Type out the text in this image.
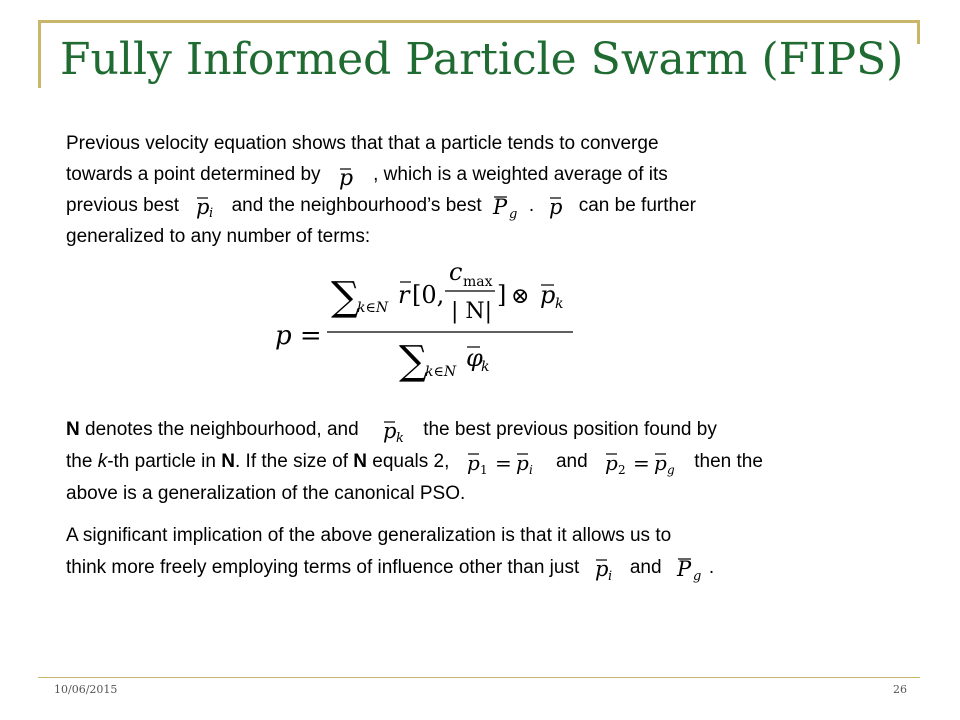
Fully Informed Particle Swarm (FIPS)
Previous velocity equation shows that that a particle tends to converge
towards a point determined by p , which is a weighted average of its
previous best p i and the neighbourhood’s best P g . p can be further
generalized to any number of terms:
p =
∑
k∈N r [0,
c max
| N|
] ⊗ p k
∑
k∈N φ
k
N denotes the neighbourhood, and p k the best previous position found by
the k-th particle in N. If the size of N equals 2, p 1 = p i and p 2 = p g then the
above is a generalization of the canonical PSO.
A significant implication of the above generalization is that it allows us to
think more freely employing terms of influence other than just p i and P g .
10/06/2015	26
